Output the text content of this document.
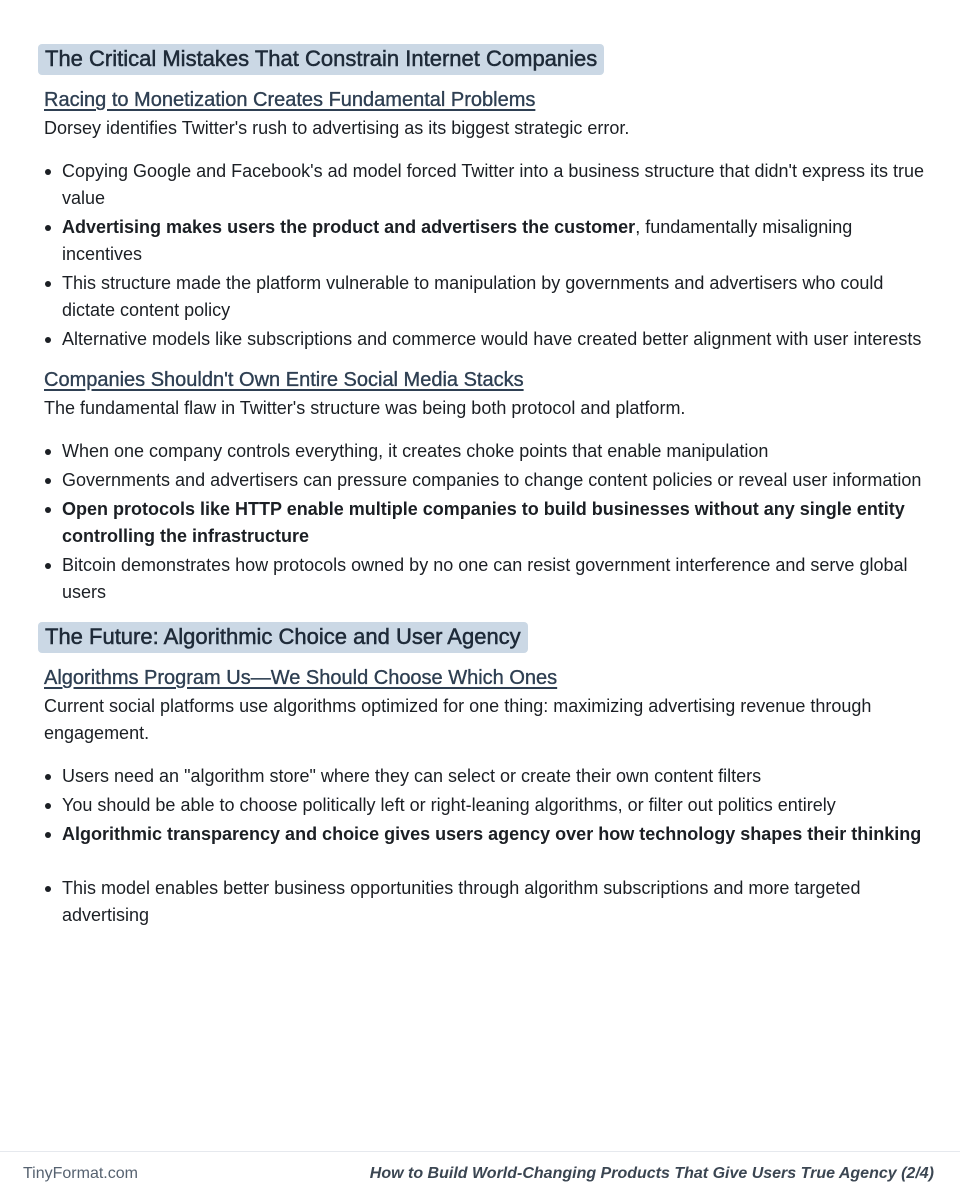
The Critical Mistakes That Constrain Internet Companies
Racing to Monetization Creates Fundamental Problems

Dorsey identifies Twitter's rush to advertising as its biggest strategic error.

Copying Google and Facebook's ad model forced Twitter into a business structure that didn't express its true value
Advertising makes users the product and advertisers the customer, fundamentally misaligning incentives
This structure made the platform vulnerable to manipulation by governments and advertisers who could dictate content policy
Alternative models like subscriptions and commerce would have created better alignment with user interests
Companies Shouldn't Own Entire Social Media Stacks

The fundamental flaw in Twitter's structure was being both protocol and platform.

When one company controls everything, it creates choke points that enable manipulation
Governments and advertisers can pressure companies to change content policies or reveal user information
Open protocols like HTTP enable multiple companies to build businesses without any single entity controlling the infrastructure
Bitcoin demonstrates how protocols owned by no one can resist government interference and serve global users
The Future: Algorithmic Choice and User Agency
Algorithms Program Us—We Should Choose Which Ones

Current social platforms use algorithms optimized for one thing: maximizing advertising revenue through engagement.

Users need an "algorithm store" where they can select or create their own content filters
You should be able to choose politically left or right-leaning algorithms, or filter out politics entirely
Algorithmic transparency and choice gives users agency over how technology shapes their thinking
This model enables better business opportunities through algorithm subscriptions and more targeted advertising
TinyFormat.com	How to Build World-Changing Products That Give Users True Agency (2/4)
